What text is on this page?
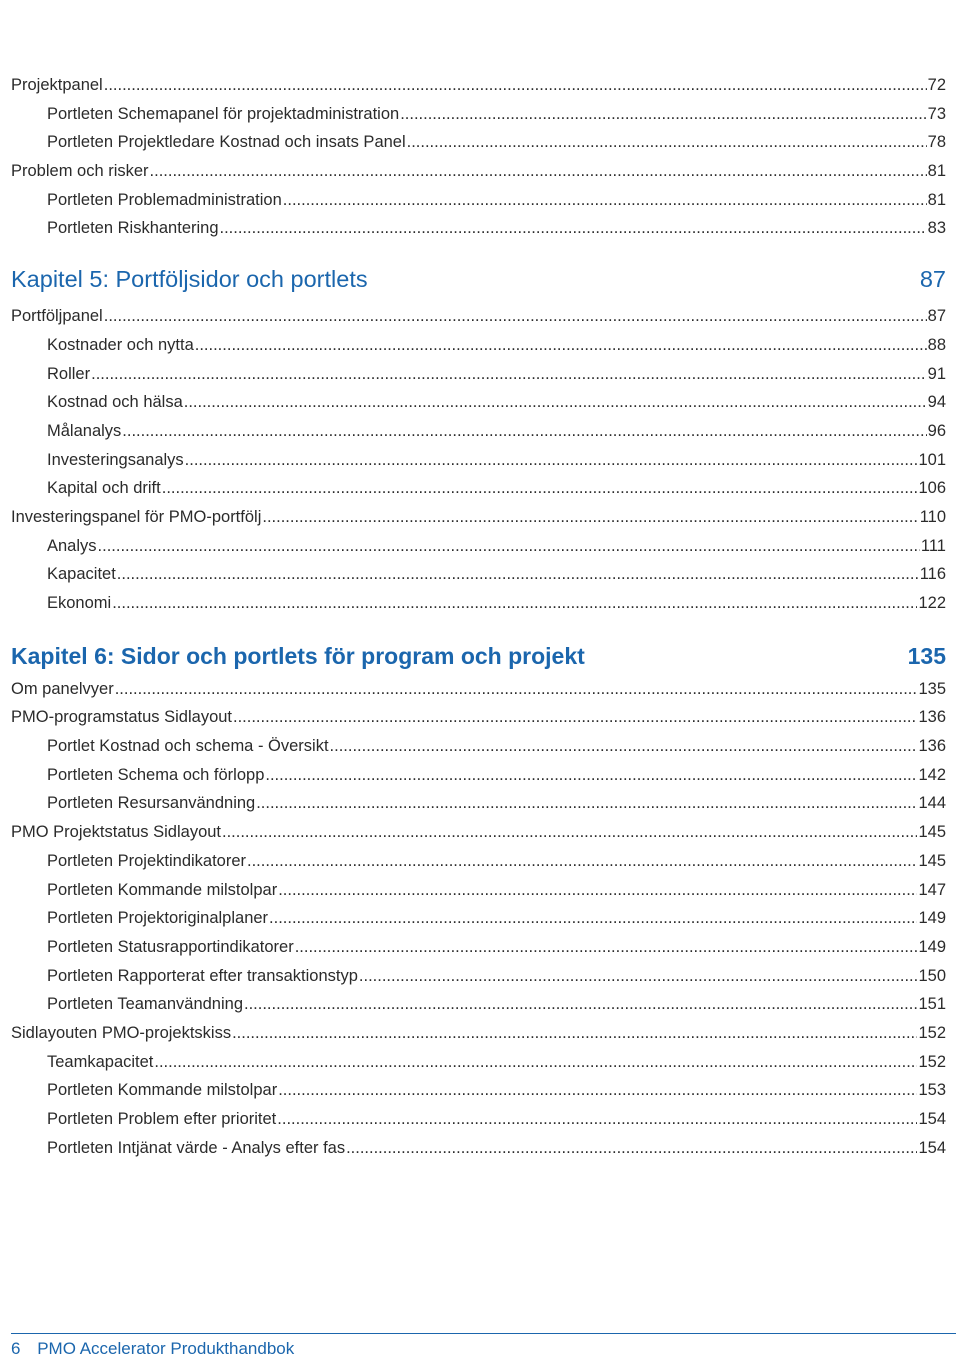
Projektpanel .....	72
Portleten Schemapanel för projektadministration .....	73
Portleten Projektledare Kostnad och insats Panel .....	78
Problem och risker .....	81
Portleten Problemadministration .....	81
Portleten Riskhantering .....	83
Kapitel 5: Portföljsidor och portlets	87
Portföljpanel .....	87
Kostnader och nytta .....	88
Roller .....	91
Kostnad och hälsa .....	94
Målanalys .....	96
Investeringsanalys .....	101
Kapital och drift .....	106
Investeringspanel för PMO-portfölj .....	110
Analys .....	111
Kapacitet .....	116
Ekonomi .....	122
Kapitel 6: Sidor och portlets för program och projekt	135
Om panelvyer .....	135
PMO-programstatus Sidlayout .....	136
Portlet Kostnad och schema - Översikt .....	136
Portleten Schema och förlopp .....	142
Portleten Resursanvändning .....	144
PMO Projektstatus Sidlayout .....	145
Portleten Projektindikatorer .....	145
Portleten Kommande milstolpar .....	147
Portleten Projektoriginalplaner .....	149
Portleten Statusrapportindikatorer .....	149
Portleten Rapporterat efter transaktionstyp .....	150
Portleten Teamanvändning .....	151
Sidlayouten PMO-projektskiss .....	152
Teamkapacitet .....	152
Portleten Kommande milstolpar .....	153
Portleten Problem efter prioritet .....	154
Portleten Intjänat värde - Analys efter fas .....	154
6 PMO Accelerator Produkthandbok
